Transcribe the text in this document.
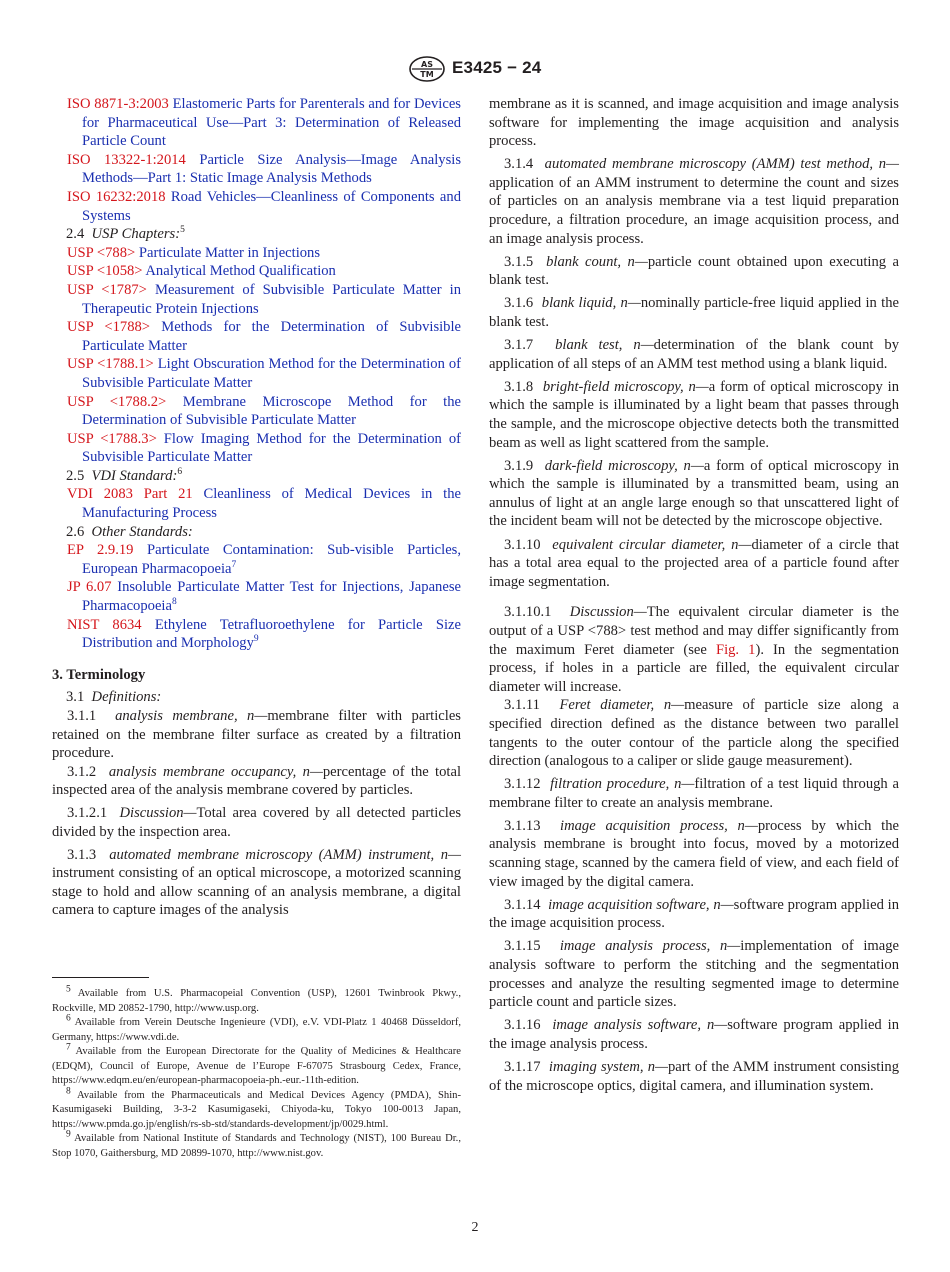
AS
TM E3425 − 24

ISO 8871-3:2003 Elastomeric Parts for Parenterals and for Devices for Pharmaceutical Use—Part 3: Determination of Released Particle Count

ISO 13322-1:2014 Particle Size Analysis—Image Analysis Methods—Part 1: Static Image Analysis Methods

ISO 16232:2018 Road Vehicles—Cleanliness of Components and Systems

2.4 USP Chapters:$^5$

USP <788> Particulate Matter in Injections

USP <1058> Analytical Method Qualification

USP <1787> Measurement of Subvisible Particulate Matter in Therapeutic Protein Injections

USP <1788> Methods for the Determination of Subvisible Particulate Matter

USP <1788.1> Light Obscuration Method for the Determination of Subvisible Particulate Matter

USP <1788.2> Membrane Microscope Method for the Determination of Subvisible Particulate Matter

USP <1788.3> Flow Imaging Method for the Determination of Subvisible Particulate Matter

2.5 VDI Standard:$^6$

VDI 2083 Part 21 Cleanliness of Medical Devices in the Manufacturing Process

2.6 Other Standards:

EP 2.9.19 Particulate Contamination: Sub-visible Particles, European Pharmacopoeia$^7$

JP 6.07 Insoluble Particulate Matter Test for Injections, Japanese Pharmacopoeia$^8$

NIST 8634 Ethylene Tetrafluoroethylene for Particle Size Distribution and Morphology$^9$

3. Terminology

3.1 Definitions:

3.1.1 analysis membrane, n—membrane filter with particles retained on the membrane filter surface as created by a filtration procedure.

3.1.2 analysis membrane occupancy, n—percentage of the total inspected area of the analysis membrane covered by particles.

3.1.2.1 Discussion—Total area covered by all detected particles divided by the inspection area.

3.1.3 automated membrane microscopy (AMM) instrument, n—instrument consisting of an optical microscope, a motorized scanning stage to hold and allow scanning of an analysis membrane, a digital camera to capture images of the analysis

$^5$ Available from U.S. Pharmacopeial Convention (USP), 12601 Twinbrook Pkwy., Rockville, MD 20852-1790, http://www.usp.org.

$^6$ Available from Verein Deutsche Ingenieure (VDI), e.V. VDI-Platz 1 40468 Düsseldorf, Germany, https://www.vdi.de.

$^7$ Available from the European Directorate for the Quality of Medicines & Healthcare (EDQM), Council of Europe, Avenue de l’Europe F-67075 Strasbourg Cedex, France, https://www.edqm.eu/en/european-pharmacopoeia-ph.-eur.-11th-edition.

$^8$ Available from the Pharmaceuticals and Medical Devices Agency (PMDA), Shin-Kasumigaseki Building, 3-3-2 Kasumigaseki, Chiyoda-ku, Tokyo 100-0013 Japan, https://www.pmda.go.jp/english/rs-sb-std/standards-development/jp/0029.html.

$^9$ Available from National Institute of Standards and Technology (NIST), 100 Bureau Dr., Stop 1070, Gaithersburg, MD 20899-1070, http://www.nist.gov.

membrane as it is scanned, and image acquisition and image analysis software for implementing the image acquisition and analysis process.

3.1.4 automated membrane microscopy (AMM) test method, n—application of an AMM instrument to determine the count and sizes of particles on an analysis membrane via a test liquid preparation procedure, a filtration procedure, an image acquisition process, and an image analysis process.

3.1.5 blank count, n—particle count obtained upon executing a blank test.

3.1.6 blank liquid, n—nominally particle-free liquid applied in the blank test.

3.1.7 blank test, n—determination of the blank count by application of all steps of an AMM test method using a blank liquid.

3.1.8 bright-field microscopy, n—a form of optical microscopy in which the sample is illuminated by a light beam that passes through the sample, and the microscope objective detects both the transmitted beam as well as light scattered from the sample.

3.1.9 dark-field microscopy, n—a form of optical microscopy in which the sample is illuminated by a transmitted beam, using an annulus of light at an angle large enough so that unscattered light of the incident beam will not be detected by the microscope objective.

3.1.10 equivalent circular diameter, n—diameter of a circle that has a total area equal to the projected area of a particle found after image segmentation.

3.1.10.1 Discussion—The equivalent circular diameter is the output of a USP <788> test method and may differ significantly from the maximum Feret diameter (see Fig. 1). In the segmentation process, if holes in a particle are filled, the equivalent circular diameter will increase.

3.1.11 Feret diameter, n—measure of particle size along a specified direction defined as the distance between two parallel tangents to the outer contour of the particle along the specified direction (analogous to a caliper or slide gauge measurement).

3.1.12 filtration procedure, n—filtration of a test liquid through a membrane filter to create an analysis membrane.

3.1.13 image acquisition process, n—process by which the analysis membrane is brought into focus, moved by a motorized scanning stage, scanned by the camera field of view, and each field of view imaged by the digital camera.

3.1.14 image acquisition software, n—software program applied in the image acquisition process.

3.1.15 image analysis process, n—implementation of image analysis software to perform the stitching and the segmentation processes and analyze the resulting segmented image to determine particle count and particle sizes.

3.1.16 image analysis software, n—software program applied in the image analysis process.

3.1.17 imaging system, n—part of the AMM instrument consisting of the microscope optics, digital camera, and illumination system.

2
